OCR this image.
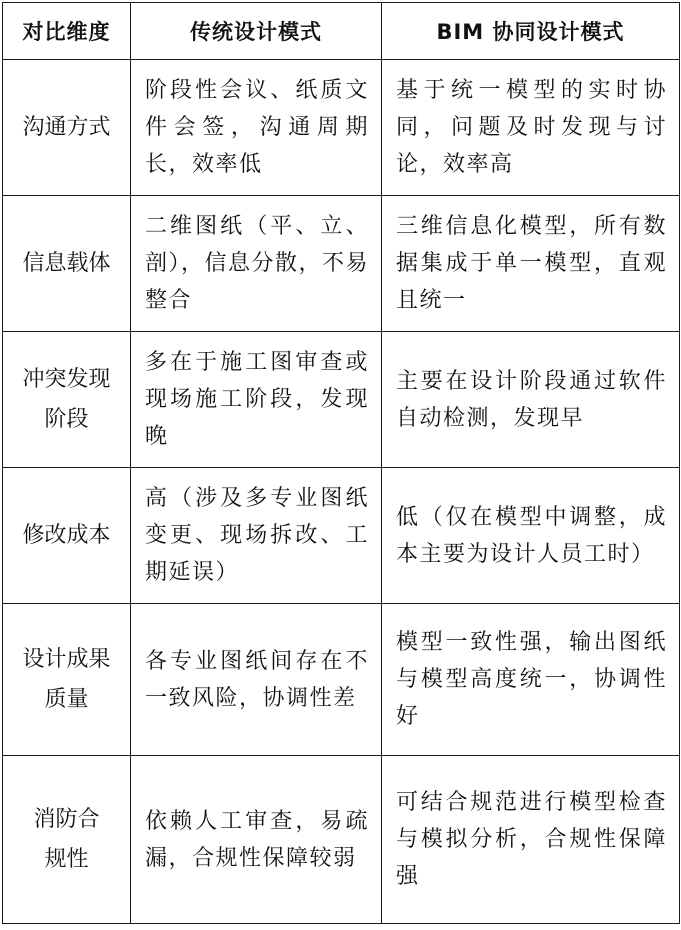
对比维度	传统设计模式	BIM 协同设计模式

沟通方式	阶段性会议、纸质文件会签，沟通周期长，效率低	基于统一模型的实时协同，问题及时发现与讨论，效率高

信息载体	二维图纸（平、立、剖），信息分散，不易整合	三维信息化模型，所有数据集成于单一模型，直观且统一

冲突发现阶段	多在于施工图审查或现场施工阶段，发现晚	主要在设计阶段通过软件自动检测，发现早

修改成本	高（涉及多专业图纸变更、现场拆改、工期延误）	低（仅在模型中调整，成本主要为设计人员工时）

设计成果质量	各专业图纸间存在不一致风险，协调性差	模型一致性强，输出图纸与模型高度统一，协调性好

消防合规性	依赖人工审查，易疏漏，合规性保障较弱	可结合规范进行模型检查与模拟分析，合规性保障强
